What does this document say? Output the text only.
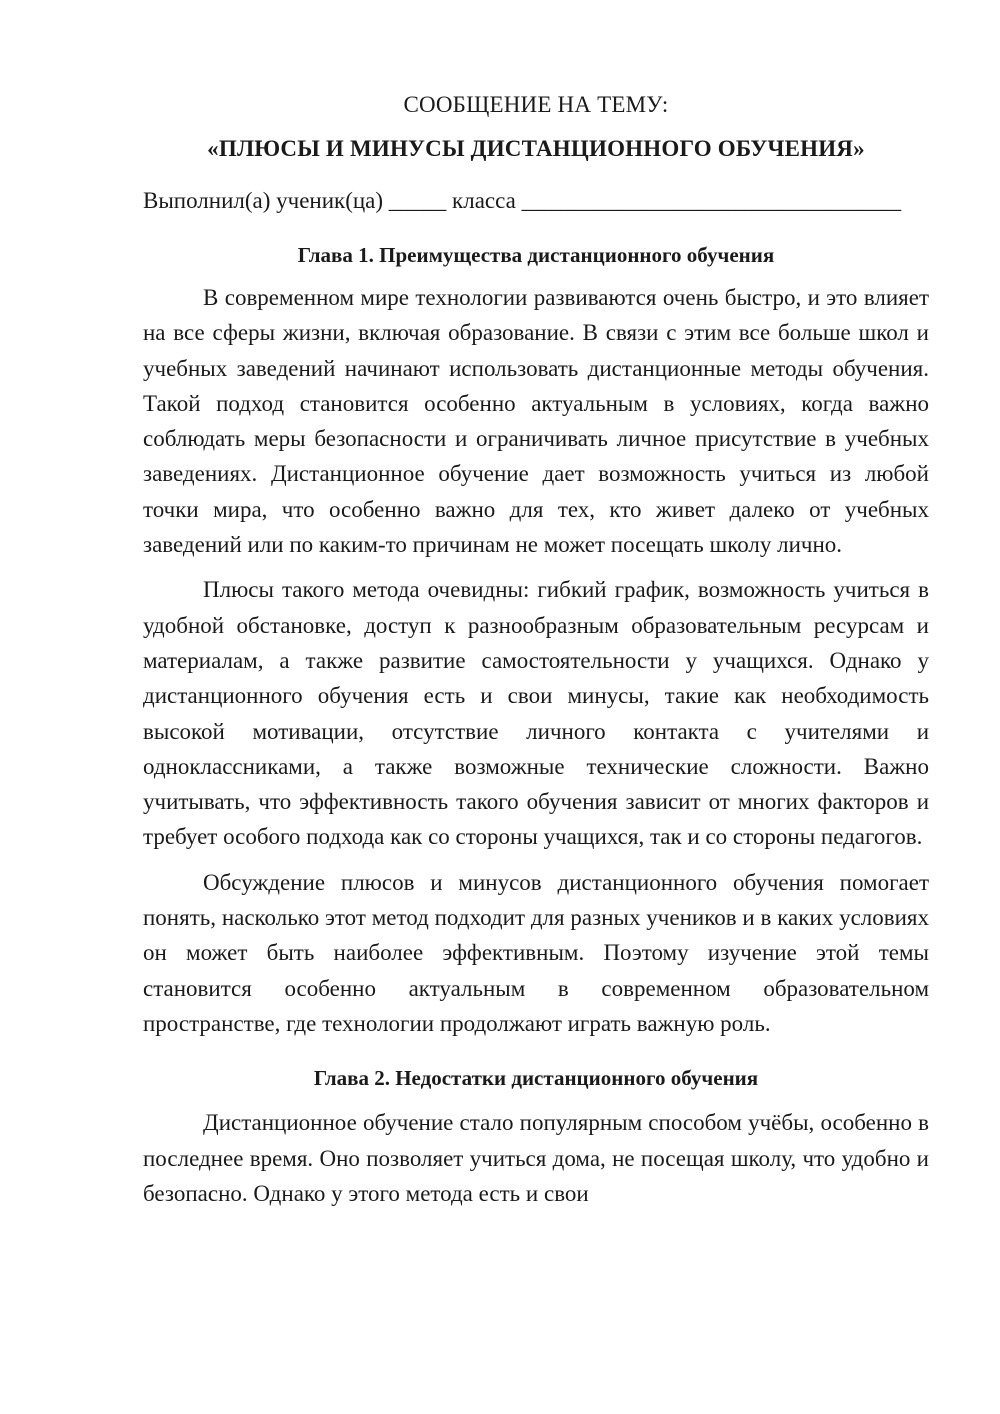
СООБЩЕНИЕ НА ТЕМУ:
«ПЛЮСЫ И МИНУСЫ ДИСТАНЦИОННОГО ОБУЧЕНИЯ»
Выполнил(а) ученик(ца) _____ класса _________________________________
Глава 1. Преимущества дистанционного обучения

В современном мире технологии развиваются очень быстро, и это влияет на все сферы жизни, включая образование. В связи с этим все больше школ и учебных заведений начинают использовать дистанционные методы обучения. Такой подход становится особенно актуальным в условиях, когда важно соблюдать меры безопасности и ограничивать личное присутствие в учебных заведениях. Дистанционное обучение дает возможность учиться из любой точки мира, что особенно важно для тех, кто живет далеко от учебных заведений или по каким-то причинам не может посещать школу лично.

Плюсы такого метода очевидны: гибкий график, возможность учиться в удобной обстановке, доступ к разнообразным образовательным ресурсам и материалам, а также развитие самостоятельности у учащихся. Однако у дистанционного обучения есть и свои минусы, такие как необходимость высокой мотивации, отсутствие личного контакта с учителями и одноклассниками, а также возможные технические сложности. Важно учитывать, что эффективность такого обучения зависит от многих факторов и требует особого подхода как со стороны учащихся, так и со стороны педагогов.

Обсуждение плюсов и минусов дистанционного обучения помогает понять, насколько этот метод подходит для разных учеников и в каких условиях он может быть наиболее эффективным. Поэтому изучение этой темы становится особенно актуальным в современном образовательном пространстве, где технологии продолжают играть важную роль.

Глава 2. Недостатки дистанционного обучения

Дистанционное обучение стало популярным способом учёбы, особенно в последнее время. Оно позволяет учиться дома, не посещая школу, что удобно и безопасно. Однако у этого метода есть и свои
